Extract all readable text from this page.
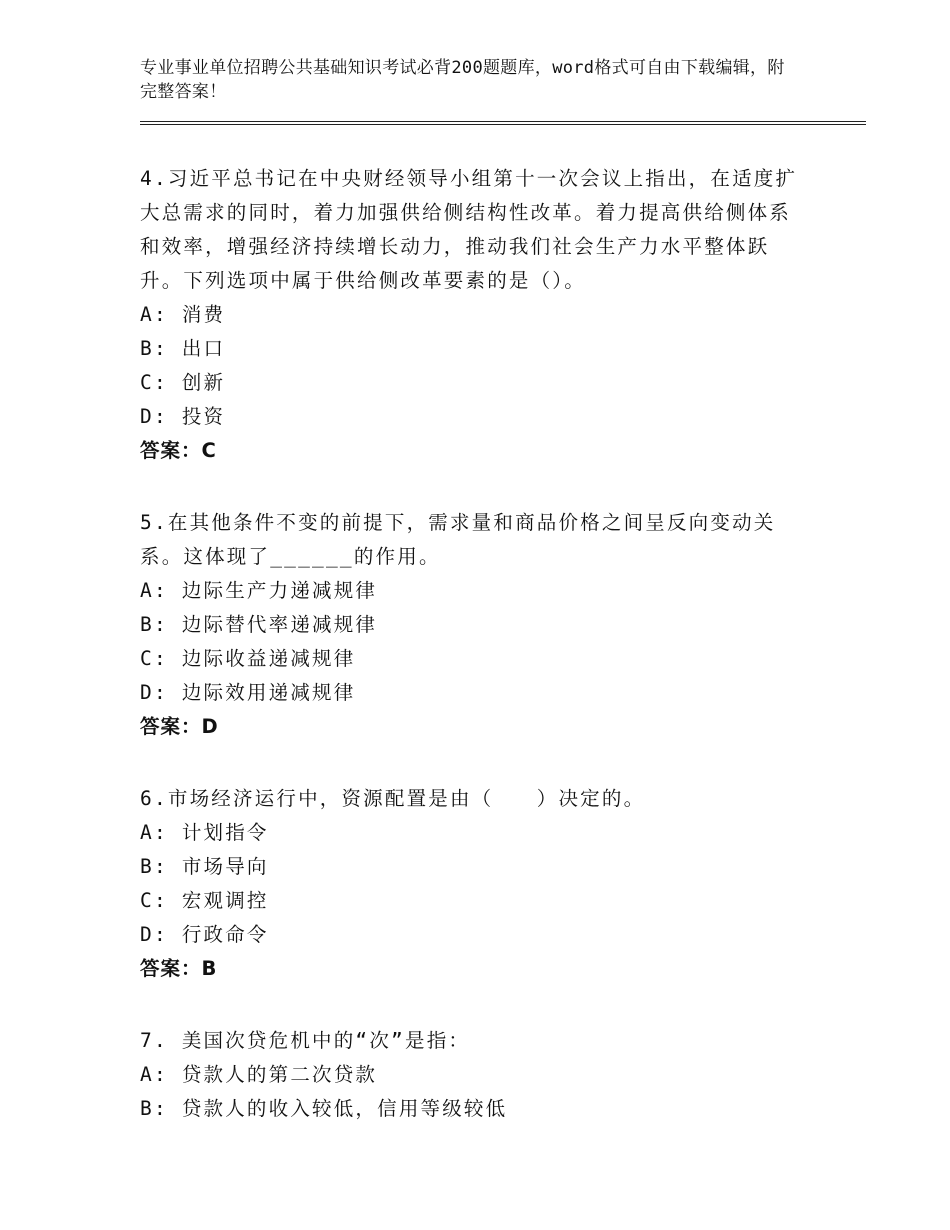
专业事业单位招聘公共基础知识考试必背200题题库，word格式可自由下载编辑，附完整答案！
4.习近平总书记在中央财经领导小组第十一次会议上指出，在适度扩大总需求的同时，着力加强供给侧结构性改革。着力提高供给侧体系和效率，增强经济持续增长动力，推动我们社会生产力水平整体跃升。下列选项中属于供给侧改革要素的是（）。
A: 消费
B: 出口
C: 创新
D: 投资
答案：C
5.在其他条件不变的前提下，需求量和商品价格之间呈反向变动关系。这体现了______的作用。
A: 边际生产力递减规律
B: 边际替代率递减规律
C: 边际收益递减规律
D: 边际效用递减规律
答案：D
6.市场经济运行中，资源配置是由（　　）决定的。
A: 计划指令
B: 市场导向
C: 宏观调控
D: 行政命令
答案：B
7. 美国次贷危机中的“次”是指：
A: 贷款人的第二次贷款
B: 贷款人的收入较低，信用等级较低
